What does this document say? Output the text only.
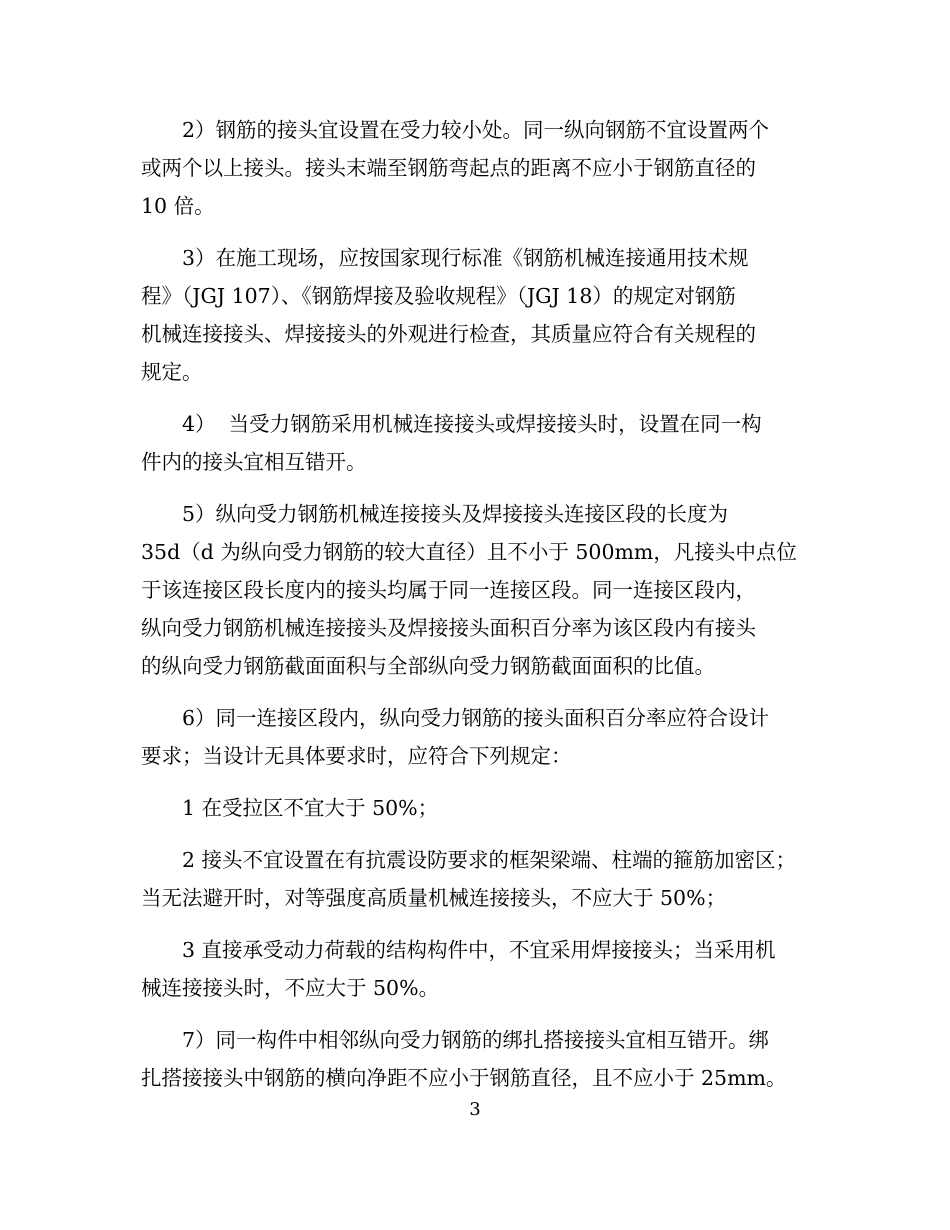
2）钢筋的接头宜设置在受力较小处。同一纵向钢筋不宜设置两个
或两个以上接头。接头末端至钢筋弯起点的距离不应小于钢筋直径的
10 倍。

3）在施工现场，应按国家现行标准《钢筋机械连接通用技术规
程》（JGJ 107）、《钢筋焊接及验收规程》（JGJ 18）的规定对钢筋
机械连接接头、焊接接头的外观进行检查，其质量应符合有关规程的
规定。

4）  当受力钢筋采用机械连接接头或焊接接头时，设置在同一构
件内的接头宜相互错开。

5）纵向受力钢筋机械连接接头及焊接接头连接区段的长度为
35d（d 为纵向受力钢筋的较大直径）且不小于 500mm，凡接头中点位
于该连接区段长度内的接头均属于同一连接区段。同一连接区段内，
纵向受力钢筋机械连接接头及焊接接头面积百分率为该区段内有接头
的纵向受力钢筋截面面积与全部纵向受力钢筋截面面积的比值。

6）同一连接区段内，纵向受力钢筋的接头面积百分率应符合设计
要求；当设计无具体要求时，应符合下列规定：

1 在受拉区不宜大于 50%；

2 接头不宜设置在有抗震设防要求的框架梁端、柱端的箍筋加密区；
当无法避开时，对等强度高质量机械连接接头，不应大于 50%；

3 直接承受动力荷载的结构构件中，不宜采用焊接接头；当采用机
械连接接头时，不应大于 50%。

7）同一构件中相邻纵向受力钢筋的绑扎搭接接头宜相互错开。绑
扎搭接接头中钢筋的横向净距不应小于钢筋直径，且不应小于 25mm。

3
